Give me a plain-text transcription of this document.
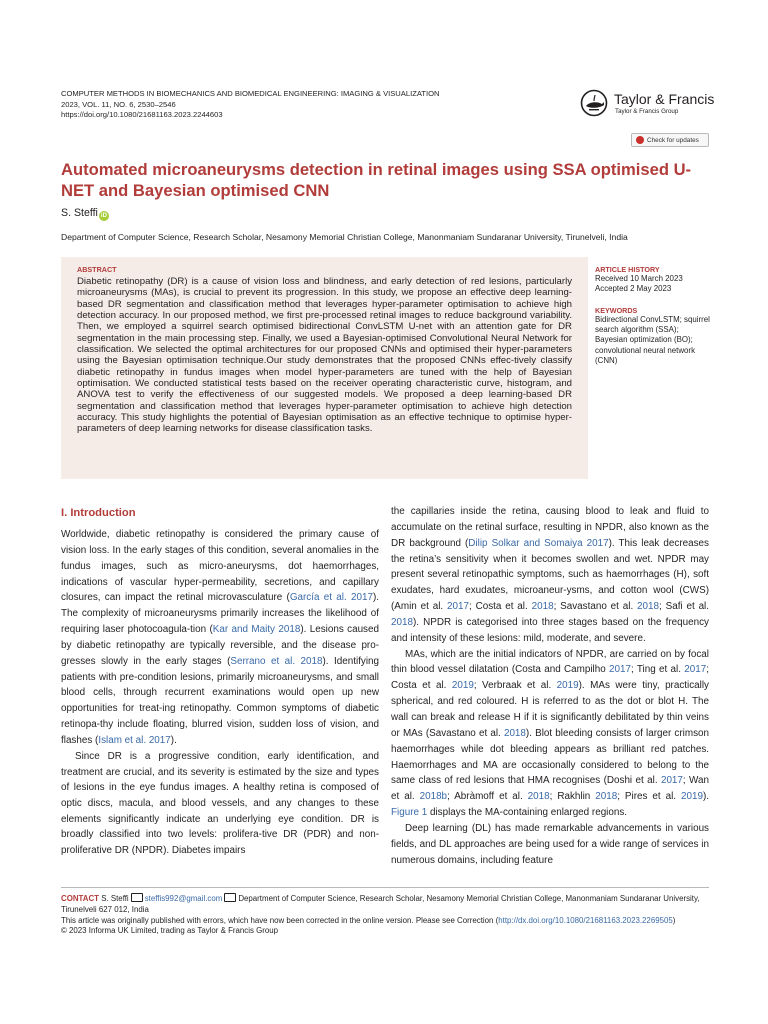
COMPUTER METHODS IN BIOMECHANICS AND BIOMEDICAL ENGINEERING: IMAGING & VISUALIZATION
2023, VOL. 11, NO. 6, 2530–2546
https://doi.org/10.1080/21681163.2023.2244603
Taylor & Francis
Taylor & Francis Group
Check for updates
Automated microaneurysms detection in retinal images using SSA optimised U-NET and Bayesian optimised CNN
S. Steffi iD
Department of Computer Science, Research Scholar, Nesamony Memorial Christian College, Manonmaniam Sundaranar University, Tirunelveli, India
ABSTRACT
Diabetic retinopathy (DR) is a cause of vision loss and blindness, and early detection of red lesions, particularly microaneurysms (MAs), is crucial to prevent its progression. In this study, we propose an effective deep learning-based DR segmentation and classification method that leverages hyper-parameter optimisation to achieve high detection accuracy. In our proposed method, we first pre-processed retinal images to reduce background variability. Then, we employed a squirrel search optimised bidirectional ConvLSTM U-net with an attention gate for DR segmentation in the main processing step. Finally, we used a Bayesian-optimised Convolutional Neural Network for classification. We selected the optimal architectures for our proposed CNNs and optimised their hyper-parameters using the Bayesian optimisation technique.Our study demonstrates that the proposed CNNs effec-tively classify diabetic retinopathy in fundus images when model hyper-parameters are tuned with the help of Bayesian optimisation. We conducted statistical tests based on the receiver operating characteristic curve, histogram, and ANOVA test to verify the effectiveness of our suggested models. We proposed a deep learning-based DR segmentation and classification method that leverages hyper-parameter optimisation to achieve high detection accuracy. This study highlights the potential of Bayesian optimisation as an effective technique to optimise hyper-parameters of deep learning networks for disease classification tasks.
ARTICLE HISTORY
Received 10 March 2023
Accepted 2 May 2023
KEYWORDS
Bidirectional ConvLSTM; squirrel search algorithm (SSA); Bayesian optimization (BO); convolutional neural network (CNN)
I. Introduction

Worldwide, diabetic retinopathy is considered the primary cause of vision loss. In the early stages of this condition, several anomalies in the fundus images, such as micro-aneurysms, dot haemorrhages, indications of vascular hyper-permeability, secretions, and capillary closures, can impact the retinal microvasculature (García et al. 2017). The complexity of microaneurysms primarily increases the likelihood of requiring laser photocoagula-tion (Kar and Maity 2018). Lesions caused by diabetic retinopathy are typically reversible, and the disease pro-gresses slowly in the early stages (Serrano et al. 2018). Identifying patients with pre-condition lesions, primarily microaneurysms, and small blood cells, through recurrent examinations would open up new opportunities for treat-ing retinopathy. Common symptoms of diabetic retinopa-thy include floating, blurred vision, sudden loss of vision, and flashes (Islam et al. 2017).

Since DR is a progressive condition, early identification, and treatment are crucial, and its severity is estimated by the size and types of lesions in the eye fundus images. A healthy retina is composed of optic discs, macula, and blood vessels, and any changes to these elements significantly indicate an underlying eye condition. DR is broadly classified into two levels: prolifera-tive DR (PDR) and non-proliferative DR (NPDR). Diabetes impairs

the capillaries inside the retina, causing blood to leak and fluid to accumulate on the retinal surface, resulting in NPDR, also known as the DR background (Dilip Solkar and Somaiya 2017). This leak decreases the retina’s sensitivity when it becomes swollen and wet. NPDR may present several retinopathic symptoms, such as haemorrhages (H), soft exudates, hard exudates, microaneur-ysms, and cotton wool (CWS) (Amin et al. 2017; Costa et al. 2018; Savastano et al. 2018; Safi et al. 2018). NPDR is categorised into three stages based on the frequency and intensity of these lesions: mild, moderate, and severe.

MAs, which are the initial indicators of NPDR, are carried on by focal thin blood vessel dilatation (Costa and Campilho 2017; Ting et al. 2017; Costa et al. 2019; Verbraak et al. 2019). MAs were tiny, practically spherical, and red coloured. H is referred to as the dot or blot H. The wall can break and release H if it is significantly debilitated by thin veins or MAs (Savastano et al. 2018). Blot bleeding consists of larger crimson haemorrhages while dot bleeding appears as brilliant red patches. Haemorrhages and MA are occasionally considered to belong to the same class of red lesions that HMA recognises (Doshi et al. 2017; Wan et al. 2018b; Abràmoff et al. 2018; Rakhlin 2018; Pires et al. 2019). Figure 1 displays the MA-containing enlarged regions.

Deep learning (DL) has made remarkable advancements in various fields, and DL approaches are being used for a wide range of services in numerous domains, including feature

CONTACT S. Steffi steffis992@gmail.com Department of Computer Science, Research Scholar, Nesamony Memorial Christian College, Manonmaniam Sundaranar University, Tirunelveli 627 012, India
This article was originally published with errors, which have now been corrected in the online version. Please see Correction (http://dx.doi.org/10.1080/21681163.2023.2269505)
© 2023 Informa UK Limited, trading as Taylor & Francis Group
